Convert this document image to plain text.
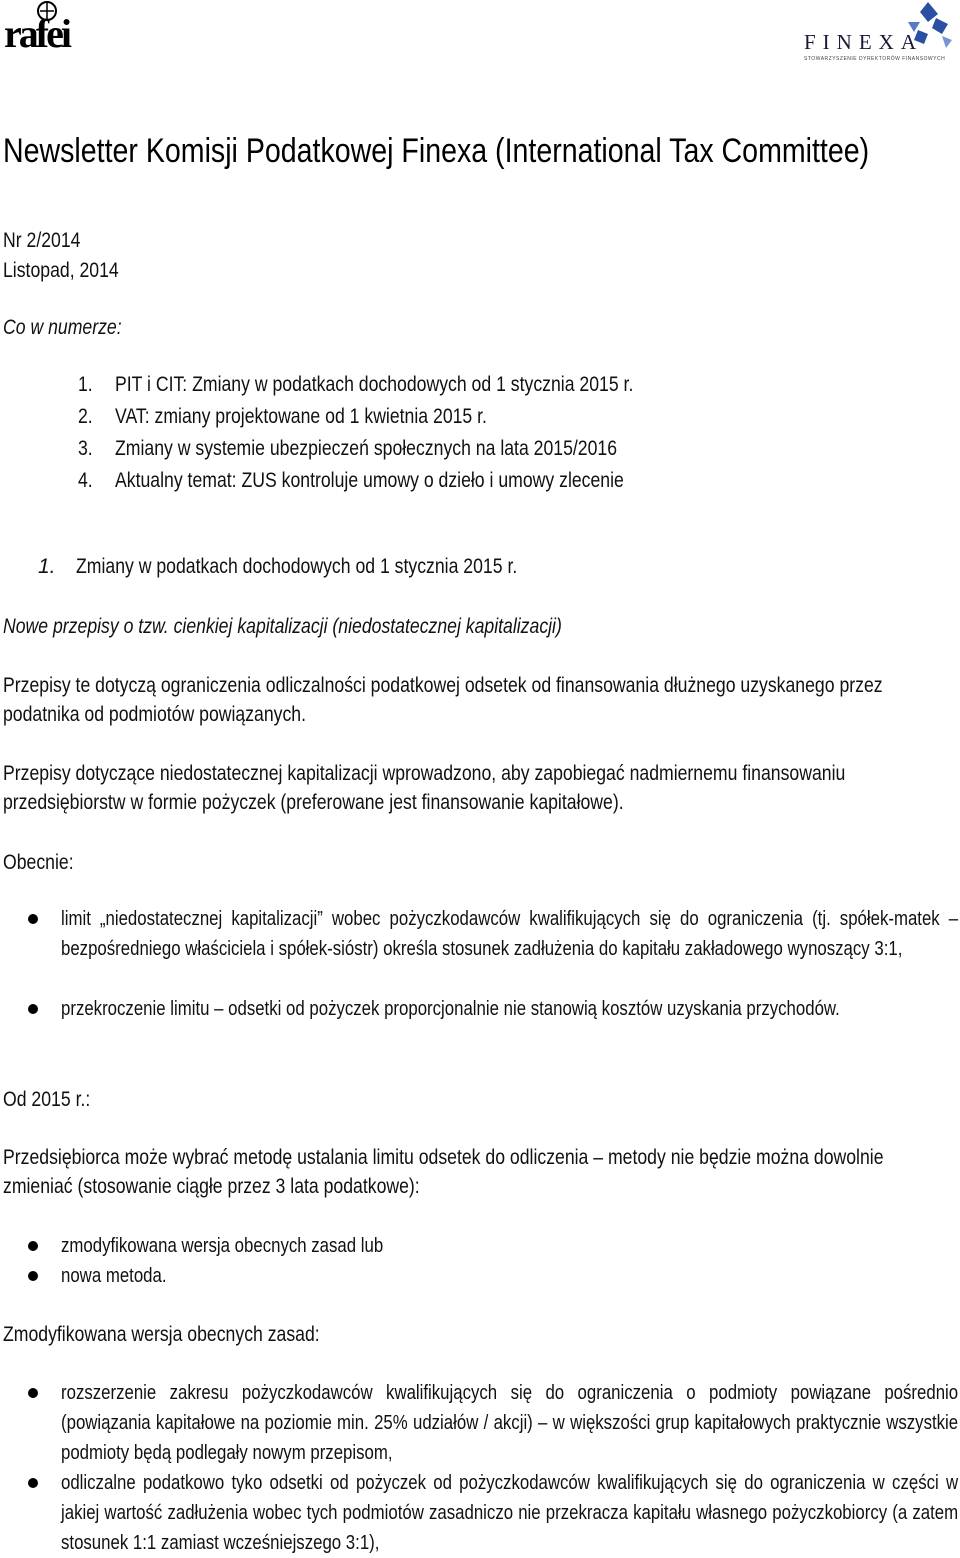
rafei	FINEXA
STOWARZYSZENIE DYREKTORÓW FINANSOWYCH
Newsletter Komisji Podatkowej Finexa (International Tax Committee)
Nr 2/2014
Listopad, 2014
Co w numerze:
1. PIT i CIT: Zmiany w podatkach dochodowych od 1 stycznia 2015 r.
2. VAT: zmiany projektowane od 1 kwietnia 2015 r.
3. Zmiany w systemie ubezpieczeń społecznych na lata 2015/2016
4. Aktualny temat: ZUS kontroluje umowy o dzieło i umowy zlecenie
1. Zmiany w podatkach dochodowych od 1 stycznia 2015 r.
Nowe przepisy o tzw. cienkiej kapitalizacji (niedostatecznej kapitalizacji)
Przepisy te dotyczą ograniczenia odliczalności podatkowej odsetek od finansowania dłużnego uzyskanego przez podatnika od podmiotów powiązanych.
Przepisy dotyczące niedostatecznej kapitalizacji wprowadzono, aby zapobiegać nadmiernemu finansowaniu przedsiębiorstw w formie pożyczek (preferowane jest finansowanie kapitałowe).
Obecnie:
limit „niedostatecznej kapitalizacji” wobec pożyczkodawców kwalifikujących się do ograniczenia (tj. spółek-matek – bezpośredniego właściciela i spółek-sióstr) określa stosunek zadłużenia do kapitału zakładowego wynoszący 3:1,
przekroczenie limitu – odsetki od pożyczek proporcjonalnie nie stanowią kosztów uzyskania przychodów.
Od 2015 r.:
Przedsiębiorca może wybrać metodę ustalania limitu odsetek do odliczenia – metody nie będzie można dowolnie zmieniać (stosowanie ciągłe przez 3 lata podatkowe):
zmodyfikowana wersja obecnych zasad lub
nowa metoda.
Zmodyfikowana wersja obecnych zasad:
rozszerzenie zakresu pożyczkodawców kwalifikujących się do ograniczenia o podmioty powiązane pośrednio (powiązania kapitałowe na poziomie min. 25% udziałów / akcji) – w większości grup kapitałowych praktycznie wszystkie podmioty będą podlegały nowym przepisom,
odliczalne podatkowo tyko odsetki od pożyczek od pożyczkodawców kwalifikujących się do ograniczenia w części w jakiej wartość zadłużenia wobec tych podmiotów zasadniczo nie przekracza kapitału własnego pożyczkobiorcy (a zatem stosunek 1:1 zamiast wcześniejszego 3:1),
